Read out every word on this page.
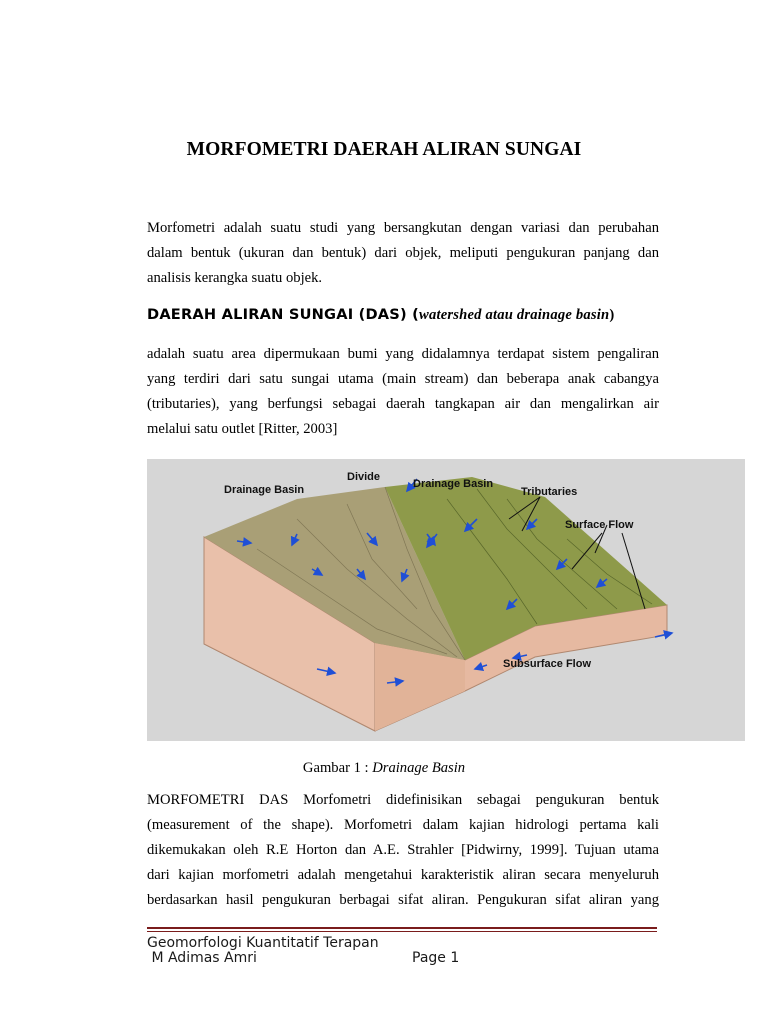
MORFOMETRI DAERAH ALIRAN SUNGAI
Morfometri adalah suatu studi yang bersangkutan dengan variasi dan perubahan
dalam bentuk (ukuran dan bentuk) dari objek, meliputi pengukuran panjang dan
analisis kerangka suatu objek.
DAERAH ALIRAN SUNGAI (DAS) (watershed atau drainage basin)
adalah suatu area dipermukaan bumi yang didalamnya terdapat sistem pengaliran
yang terdiri dari satu sungai utama (main stream) dan beberapa anak cabangya
(tributaries), yang berfungsi sebagai daerah tangkapan air dan mengalirkan air
melalui satu outlet [Ritter, 2003]
Drainage Basin
Divide
Drainage Basin
Tributaries
Surface Flow
Subsurface Flow
Gambar 1 : Drainage Basin
MORFOMETRI DAS Morfometri didefinisikan sebagai pengukuran bentuk
(measurement of the shape). Morfometri dalam kajian hidrologi pertama kali
dikemukakan oleh R.E Horton dan A.E. Strahler [Pidwirny, 1999]. Tujuan utama
dari kajian morfometri adalah mengetahui karakteristik aliran secara menyeluruh
berdasarkan hasil pengukuran berbagai sifat aliran. Pengukuran sifat aliran yang
Geomorfologi Kuantitatif Terapan
M Adimas Amri	Page 1
